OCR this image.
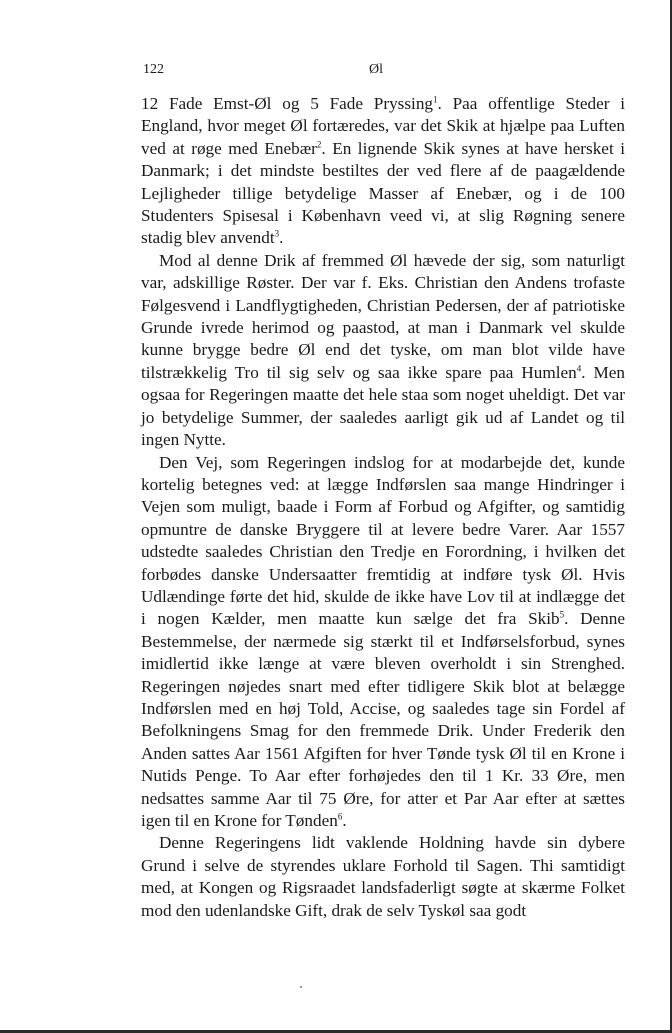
122	Øl

12 Fade Emst-Øl og 5 Fade Pryssing$^1$. Paa offentlige Steder i England, hvor meget Øl fortæredes, var det Skik at hjælpe paa Luften ved at røge med Enebær$^2$. En lignende Skik synes at have hersket i Danmark; i det mindste bestiltes der ved flere af de paagældende Lejligheder tillige betydelige Masser af Enebær, og i de 100 Studenters Spisesal i København veed vi, at slig Røgning senere stadig blev anvendt$^3$.

Mod al denne Drik af fremmed Øl hævede der sig, som naturligt var, adskillige Røster. Der var f. Eks. Christian den Andens trofaste Følgesvend i Landflygtigheden, Christian Pedersen, der af patriotiske Grunde ivrede herimod og paastod, at man i Danmark vel skulde kunne brygge bedre Øl end det tyske, om man blot vilde have tilstrækkelig Tro til sig selv og saa ikke spare paa Humlen$^4$. Men ogsaa for Regeringen maatte det hele staa som noget uheldigt. Det var jo betydelige Summer, der saaledes aarligt gik ud af Landet og til ingen Nytte.

Den Vej, som Regeringen indslog for at modarbejde det, kunde kortelig betegnes ved: at lægge Indførslen saa mange Hindringer i Vejen som muligt, baade i Form af Forbud og Afgifter, og samtidig opmuntre de danske Bryggere til at levere bedre Varer. Aar 1557 udstedte saaledes Christian den Tredje en Forordning, i hvilken det forbødes danske Undersaatter fremtidig at indføre tysk Øl. Hvis Udlændinge førte det hid, skulde de ikke have Lov til at indlægge det i nogen Kælder, men maatte kun sælge det fra Skib$^5$. Denne Bestemmelse, der nærmede sig stærkt til et Indførselsforbud, synes imidlertid ikke længe at være bleven overholdt i sin Strenghed. Regeringen nøjedes snart med efter tidligere Skik blot at belægge Indførslen med en høj Told, Accise, og saaledes tage sin Fordel af Befolkningens Smag for den fremmede Drik. Under Frederik den Anden sattes Aar 1561 Afgiften for hver Tønde tysk Øl til en Krone i Nutids Penge. To Aar efter forhøjedes den til 1 Kr. 33 Øre, men nedsattes samme Aar til 75 Øre, for atter et Par Aar efter at sættes igen til en Krone for Tønden$^6$.

Denne Regeringens lidt vaklende Holdning havde sin dybere Grund i selve de styrendes uklare Forhold til Sagen. Thi samtidigt med, at Kongen og Rigsraadet landsfaderligt søgte at skærme Folket mod den udenlandske Gift, drak de selv Tyskøl saa godt
